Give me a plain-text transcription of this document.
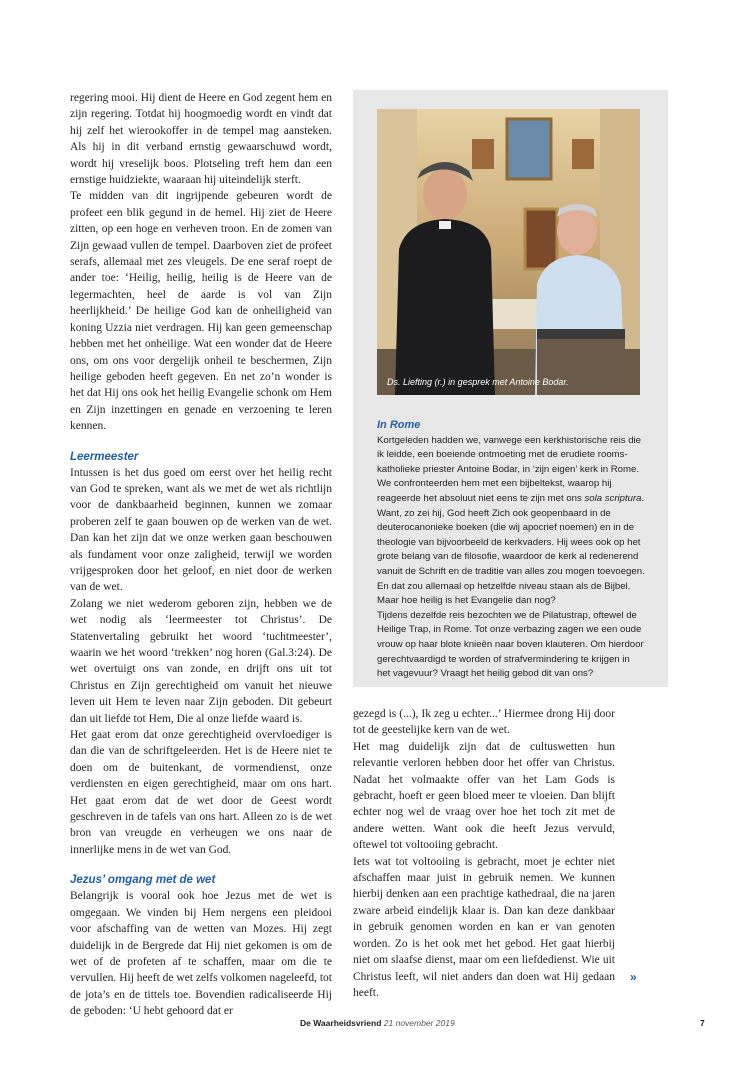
regering mooi. Hij dient de Heere en God zegent hem en zijn regering. Totdat hij hoogmoedig wordt en vindt dat hij zelf het wierookoffer in de tempel mag aansteken. Als hij in dit verband ernstig gewaarschuwd wordt, wordt hij vreselijk boos. Plotseling treft hem dan een ernstige huidziekte, waaraan hij uiteindelijk sterft.

Te midden van dit ingrijpende gebeuren wordt de profeet een blik gegund in de hemel. Hij ziet de Heere zitten, op een hoge en verheven troon. En de zomen van Zijn gewaad vullen de tempel. Daarboven ziet de profeet serafs, allemaal met zes vleugels. De ene seraf roept de ander toe: ‘Heilig, heilig, heilig is de Heere van de legermachten, heel de aarde is vol van Zijn heerlijkheid.’ De heilige God kan de onheiligheid van koning Uzzia niet verdragen. Hij kan geen gemeenschap hebben met het onheilige. Wat een wonder dat de Heere ons, om ons voor dergelijk onheil te beschermen, Zijn heilige geboden heeft gegeven. En net zo’n wonder is het dat Hij ons ook het heilig Evangelie schonk om Hem en Zijn inzettingen en genade en verzoening te leren kennen.

Leermeester

Intussen is het dus goed om eerst over het heilig recht van God te spreken, want als we met de wet als richtlijn voor de dankbaarheid beginnen, kunnen we zomaar proberen zelf te gaan bouwen op de werken van de wet. Dan kan het zijn dat we onze werken gaan beschouwen als fundament voor onze zaligheid, terwijl we worden vrijgesproken door het geloof, en niet door de werken van de wet.

Zolang we niet wederom geboren zijn, hebben we de wet nodig als ‘leermeester tot Christus’. De Statenvertaling gebruikt het woord ‘tuchtmeester’, waarin we het woord ‘trekken’ nog horen (Gal.3:24). De wet overtuigt ons van zonde, en drijft ons uit tot Christus en Zijn gerechtigheid om vanuit het nieuwe leven uit Hem te leven naar Zijn geboden. Dit gebeurt dan uit liefde tot Hem, Die al onze liefde waard is.

Het gaat erom dat onze gerechtigheid overvloediger is dan die van de schriftgeleerden. Het is de Heere niet te doen om de buitenkant, de vormendienst, onze verdiensten en eigen gerechtigheid, maar om ons hart. Het gaat erom dat de wet door de Geest wordt geschreven in de tafels van ons hart. Alleen zo is de wet bron van vreugde en verheugen we ons naar de innerlijke mens in de wet van God.

Jezus’ omgang met de wet

Belangrijk is vooral ook hoe Jezus met de wet is omgegaan. We vinden bij Hem nergens een pleidooi voor afschaffing van de wetten van Mozes. Hij zegt duidelijk in de Bergrede dat Hij niet gekomen is om de wet of de profeten af te schaffen, maar om die te vervullen. Hij heeft de wet zelfs volkomen nageleefd, tot de jota’s en de tittels toe. Bovendien radicaliseerde Hij de geboden: ‘U hebt gehoord dat er

Ds. Liefting (r.) in gesprek met Antoine Bodar.
In Rome

Kortgeleden hadden we, vanwege een kerkhistorische reis die ik leidde, een boeiende ontmoeting met de erudiete rooms-katholieke priester Antoine Bodar, in ‘zijn eigen’ kerk in Rome. We confronteerden hem met een bijbeltekst, waarop hij reageerde het absoluut niet eens te zijn met ons sola scriptura. Want, zo zei hij, God heeft Zich ook geopenbaard in de deuterocanonieke boeken (die wij apocrief noemen) en in de theologie van bijvoorbeeld de kerkvaders. Hij wees ook op het grote belang van de filosofie, waardoor de kerk al redenerend vanuit de Schrift en de traditie van alles zou mogen toevoegen. En dat zou allemaal op hetzelfde niveau staan als de Bijbel. Maar hoe heilig is het Evangelie dan nog?

Tijdens dezelfde reis bezochten we de Pilatustrap, oftewel de Heilige Trap, in Rome. Tot onze verbazing zagen we een oude vrouw op haar blote knieën naar boven klauteren. Om hierdoor gerechtvaardigd te worden of strafvermindering te krijgen in het vagevuur? Vraagt het heilig gebod dit van ons?

gezegd is (...), Ik zeg u echter...’ Hiermee drong Hij door tot de geestelijke kern van de wet.

Het mag duidelijk zijn dat de cultuswetten hun relevantie verloren hebben door het offer van Christus. Nadat het volmaakte offer van het Lam Gods is gebracht, hoeft er geen bloed meer te vloeien. Dan blijft echter nog wel de vraag over hoe het toch zit met de andere wetten. Want ook die heeft Jezus vervuld, oftewel tot voltooiing gebracht.

Iets wat tot voltooiing is gebracht, moet je echter niet afschaffen maar juist in gebruik nemen. We kunnen hierbij denken aan een prachtige kathedraal, die na jaren zware arbeid eindelijk klaar is. Dan kan deze dankbaar in gebruik genomen worden en kan er van genoten worden. Zo is het ook met het gebod. Het gaat hierbij niet om slaafse dienst, maar om een liefdedienst. Wie uit Christus leeft, wil niet anders dan doen wat Hij gedaan heeft.

»
De Waarheidsvriend 21 november 2019	7
